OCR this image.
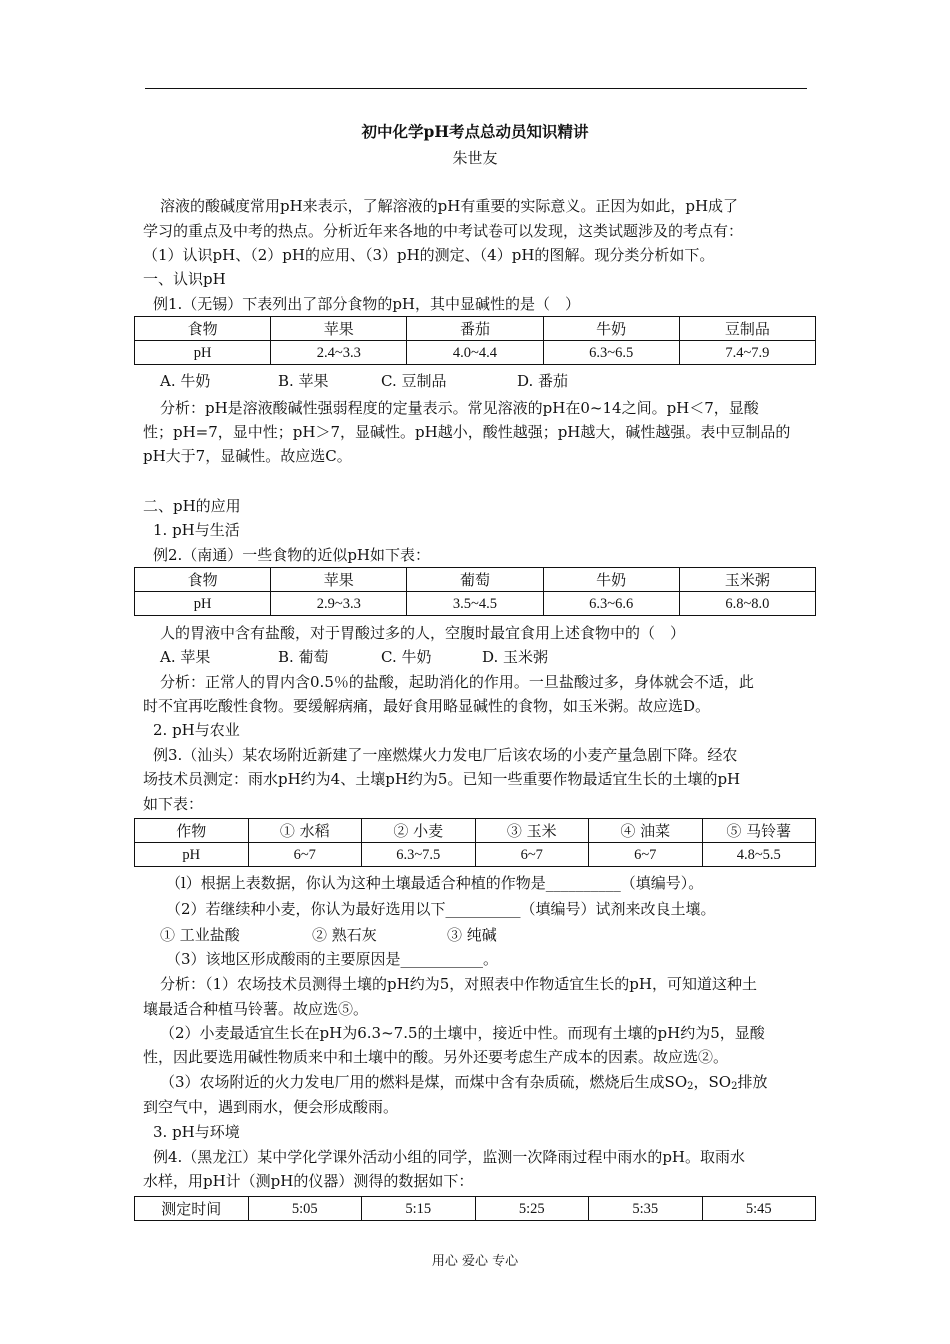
初中化学pH考点总动员知识精讲
朱世友
溶液的酸碱度常用pH来表示，了解溶液的pH有重要的实际意义。正因为如此，pH成了
学习的重点及中考的热点。分析近年来各地的中考试卷可以发现，这类试题涉及的考点有：
（1）认识pH、（2）pH的应用、（3）pH的测定、（4）pH的图解。现分类分析如下。
一、认识pH
例1.（无锡）下表列出了部分食物的pH，其中显碱性的是（　）
食物	苹果	番茄	牛奶	豆制品
pH	2.4~3.3	4.0~4.4	6.3~6.5	7.4~7.9
A. 牛奶	B. 苹果	C. 豆制品	D. 番茄
分析：pH是溶液酸碱性强弱程度的定量表示。常见溶液的pH在0~14之间。pH＜7，显酸
性；pH=7，显中性；pH＞7，显碱性。pH越小，酸性越强；pH越大，碱性越强。表中豆制品的
pH大于7，显碱性。故应选C。
二、pH的应用
1. pH与生活
例2.（南通）一些食物的近似pH如下表：
食物	苹果	葡萄	牛奶	玉米粥
pH	2.9~3.3	3.5~4.5	6.3~6.6	6.8~8.0
人的胃液中含有盐酸，对于胃酸过多的人，空腹时最宜食用上述食物中的（　）
A. 苹果	B. 葡萄	C. 牛奶	D. 玉米粥
分析：正常人的胃内含0.5％的盐酸，起助消化的作用。一旦盐酸过多，身体就会不适，此
时不宜再吃酸性食物。要缓解病痛，最好食用略显碱性的食物，如玉米粥。故应选D。
2. pH与农业
例3.（汕头）某农场附近新建了一座燃煤火力发电厂后该农场的小麦产量急剧下降。经农
场技术员测定：雨水pH约为4、土壤pH约为5。已知一些重要作物最适宜生长的土壤的pH
如下表：
作物	① 水稻	② 小麦	③ 玉米	④ 油菜	⑤ 马铃薯
pH	6~7	6.3~7.5	6~7	6~7	4.8~5.5
（l）根据上表数据，你认为这种土壤最适合种植的作物是__________（填编号）。
（2）若继续种小麦，你认为最好选用以下__________（填编号）试剂来改良土壤。
① 工业盐酸	② 熟石灰	③ 纯碱
（3）该地区形成酸雨的主要原因是___________。
分析：（1）农场技术员测得土壤的pH约为5，对照表中作物适宜生长的pH，可知道这种土
壤最适合种植马铃薯。故应选⑤。
（2）小麦最适宜生长在pH为6.3~7.5的土壤中，接近中性。而现有土壤的pH约为5，显酸
性，因此要选用碱性物质来中和土壤中的酸。另外还要考虑生产成本的因素。故应选②。
（3）农场附近的火力发电厂用的燃料是煤，而煤中含有杂质硫，燃烧后生成$SO_2$，$SO_2$排放
到空气中，遇到雨水，便会形成酸雨。
3. pH与环境
例4.（黑龙江）某中学化学课外活动小组的同学，监测一次降雨过程中雨水的pH。取雨水
水样，用pH计（测pH的仪器）测得的数据如下：
测定时间	5:05	5:15	5:25	5:35	5:45
用心 爱心 专心
